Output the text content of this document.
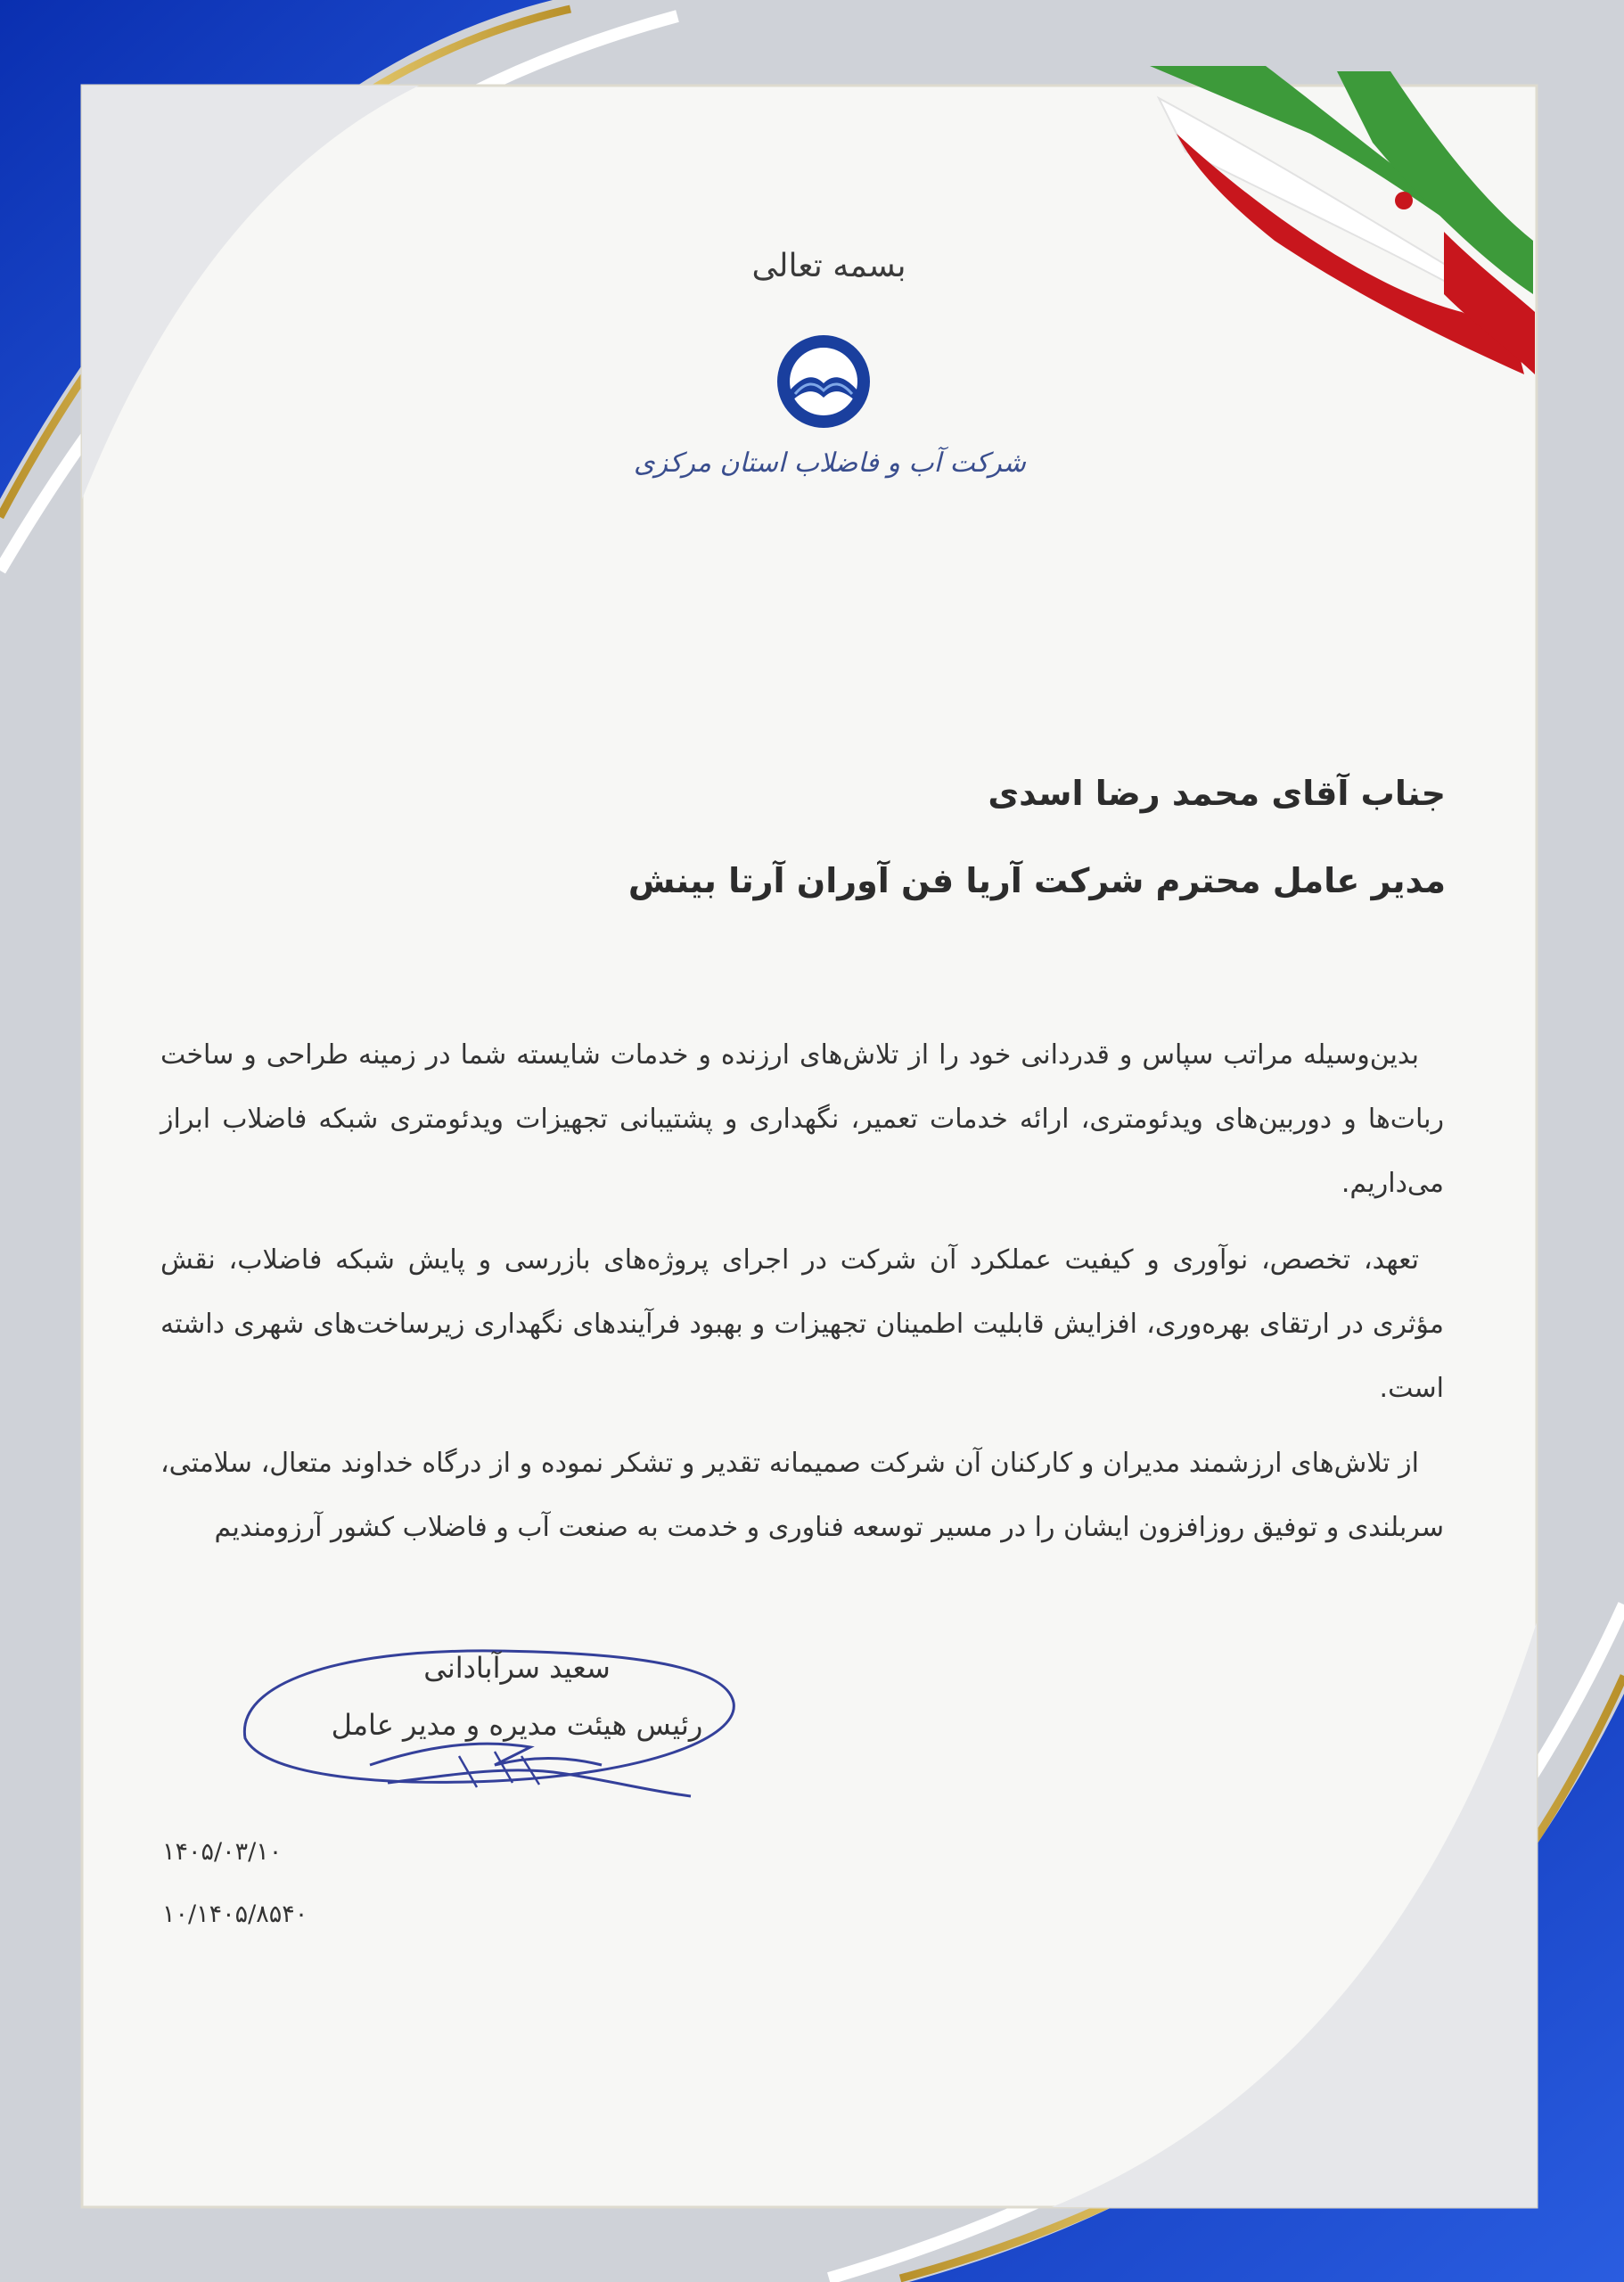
بسمه تعالی
شرکت آب و فاضلاب استان مرکزی
جناب آقای محمد رضا اسدی
مدیر عامل محترم شرکت آریا فن آوران آرتا بینش
بدین‌وسیله مراتب سپاس و قدردانی خود را از تلاش‌های ارزنده و خدمات شایسته شما در زمینه طراحی و ساخت ربات‌ها و دوربین‌های ویدئومتری، ارائه خدمات تعمیر، نگهداری و پشتیبانی تجهیزات ویدئومتری شبکه فاضلاب ابراز می‌داریم.
تعهد، تخصص، نوآوری و کیفیت عملکرد آن شرکت در اجرای پروژه‌های بازرسی و پایش شبکه فاضلاب، نقش مؤثری در ارتقای بهره‌وری، افزایش قابلیت اطمینان تجهیزات و بهبود فرآیندهای نگهداری زیرساخت‌های شهری داشته است.
از تلاش‌های ارزشمند مدیران و کارکنان آن شرکت صمیمانه تقدیر و تشکر نموده و از درگاه خداوند متعال، سلامتی، سربلندی و توفیق روزافزون ایشان را در مسیر توسعه فناوری و خدمت به صنعت آب و فاضلاب کشور آرزومندیم
سعید سرآبادانی
رئیس هیئت مدیره و مدیر عامل
۱۴۰۵/۰۳/۱۰
۱۰/۱۴۰۵/۸۵۴۰
